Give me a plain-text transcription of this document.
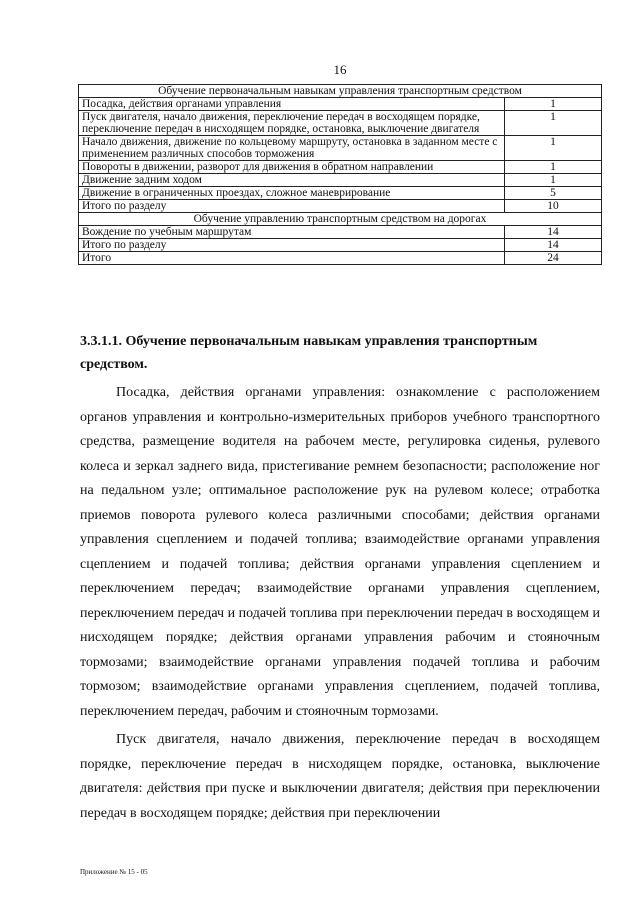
16
Обучение первоначальным навыкам управления транспортным средством	
Посадка, действия органами управления	1
Пуск двигателя, начало движения, переключение передач в восходящем порядке, переключение передач в нисходящем порядке, остановка, выключение двигателя	1
Начало движения, движение по кольцевому маршруту, остановка в заданном месте с применением различных способов торможения	1
Повороты в движении, разворот для движения в обратном направлении	1
Движение задним ходом	1
Движение в ограниченных проездах, сложное маневрирование	5
Итого по разделу	10
Обучение управлению транспортным средством на дорогах	
Вождение по учебным маршрутам	14
Итого по разделу	14
Итого	24
3.3.1.1. Обучение первоначальным навыкам управления транспортным средством.

Посадка, действия органами управления: ознакомление с расположением органов управления и контрольно-измерительных приборов учебного транспортного средства, размещение водителя на рабочем месте, регулировка сиденья, рулевого колеса и зеркал заднего вида, пристегивание ремнем безопасности; расположение ног на педальном узле; оптимальное расположение рук на рулевом колесе; отработка приемов поворота рулевого колеса различными способами; действия органами управления сцеплением и подачей топлива; взаимодействие органами управления сцеплением и подачей топлива; действия органами управления сцеплением и переключением передач; взаимодействие органами управления сцеплением, переключением передач и подачей топлива при переключении передач в восходящем и нисходящем порядке; действия органами управления рабочим и стояночным тормозами; взаимодействие органами управления подачей топлива и рабочим тормозом; взаимодействие органами управления сцеплением, подачей топлива, переключением передач, рабочим и стояночным тормозами.

Пуск двигателя, начало движения, переключение передач в восходящем порядке, переключение передач в нисходящем порядке, остановка, выключение двигателя: действия при пуске и выключении двигателя; действия при переключении передач в восходящем порядке; действия при переключении

Приложение № 15 - 05
